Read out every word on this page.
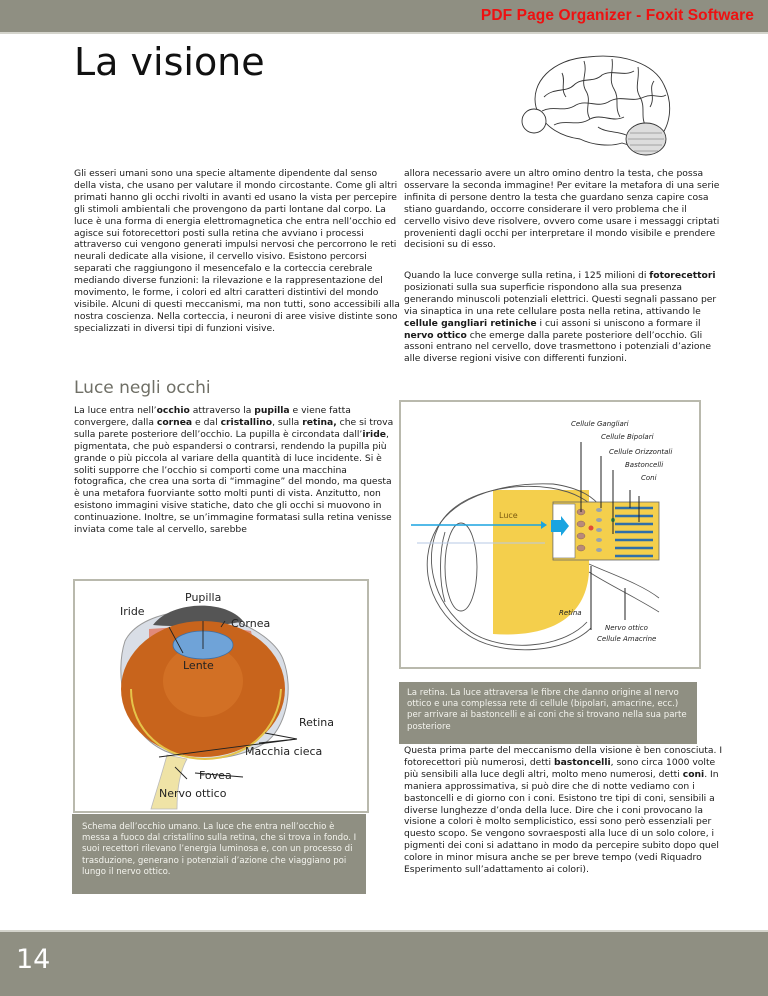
PDF Page Organizer - Foxit Software
La visione

Gli esseri umani sono una specie altamente dipendente dal senso della vista, che usano per valutare il mondo circostante. Come gli altri primati hanno gli occhi rivolti in avanti ed usano la vista per percepire gli stimoli ambientali che provengono da parti lontane dal corpo. La luce è una forma di energia elettromagnetica che entra nell’occhio ed agisce sui fotorecettori posti sulla retina che avviano i processi attraverso cui vengono generati impulsi nervosi che percorrono le reti neurali dedicate alla visione, il cervello visivo. Esistono percorsi separati che raggiungono il mesencefalo e la corteccia cerebrale mediando diverse funzioni: la rilevazione e la rappresentazione del movimento, le forme, i colori ed altri caratteri distintivi del mondo visibile. Alcuni di questi meccanismi, ma non tutti, sono accessibili alla nostra coscienza. Nella corteccia, i neuroni di aree visive distinte sono specializzati in diversi tipi di funzioni visive.

allora necessario avere un altro omino dentro la testa, che possa osservare la seconda immagine! Per evitare la metafora di una serie infinita di persone dentro la testa che guardano senza capire cosa stiano guardando, occorre considerare il vero problema che il cervello visivo deve risolvere, ovvero come usare i messaggi criptati provenienti dagli occhi per interpretare il mondo visibile e prendere decisioni su di esso.

Quando la luce converge sulla retina, i 125 milioni di fotorecettori posizionati sulla sua superficie rispondono alla sua presenza generando minuscoli potenziali elettrici. Questi segnali passano per via sinaptica in una rete cellulare posta nella retina, attivando le cellule gangliari retiniche i cui assoni si uniscono a formare il nervo ottico che emerge dalla parete posteriore dell’occhio. Gli assoni entrano nel cervello, dove trasmettono i potenziali d’azione alle diverse regioni visive con differenti funzioni.

Luce negli occhi

La luce entra nell’occhio attraverso la pupilla e viene fatta convergere, dalla cornea e dal cristallino, sulla retina, che si trova sulla parete posteriore dell’occhio. La pupilla è circondata dall’iride, pigmentata, che può espandersi o contrarsi, rendendo la pupilla più grande o più piccola al variare della quantità di luce incidente. Si è soliti supporre che l’occhio si comporti come una macchina fotografica, che crea una sorta di “immagine” del mondo, ma questa è una metafora fuorviante sotto molti punti di vista. Anzitutto, non esistono immagini visive statiche, dato che gli occhi si muovono in continuazione. Inoltre, se un’immagine formatasi sulla retina venisse inviata come tale al cervello, sarebbe

Cellule Gangliari
Cellule Bipolari
Cellule Orizzontali
Bastoncelli
Coni
Retina
Nervo ottico
Cellule Amacrine
Luce
La retina. La luce attraversa le fibre che danno origine al nervo ottico e una complessa rete di cellule (bipolari, amacrine, ecc.) per arrivare ai bastoncelli e ai coni che si trovano nella sua parte posteriore
Pupilla
Iride
Cornea
Lente
Retina
Macchia cieca
Fovea
Nervo ottico
Schema dell’occhio umano. La luce che entra nell’occhio è messa a fuoco dal cristallino sulla retina, che si trova in fondo. I suoi recettori rilevano l’energia luminosa e, con un processo di trasduzione, generano i potenziali d’azione che viaggiano poi lungo il nervo ottico.

Questa prima parte del meccanismo della visione è ben conosciuta. I fotorecettori più numerosi, detti bastoncelli, sono circa 1000 volte più sensibili alla luce degli altri, molto meno numerosi, detti coni. In maniera approssimativa, si può dire che di notte vediamo con i bastoncelli e di giorno con i coni. Esistono tre tipi di coni, sensibili a diverse lunghezze d’onda della luce. Dire che i coni provocano la visione a colori è molto semplicistico, essi sono però essenziali per questo scopo. Se vengono sovraesposti alla luce di un solo colore, i pigmenti dei coni si adattano in modo da percepire subito dopo quel colore in minor misura anche se per breve tempo (vedi Riquadro Esperimento sull’adattamento ai colori).

14
